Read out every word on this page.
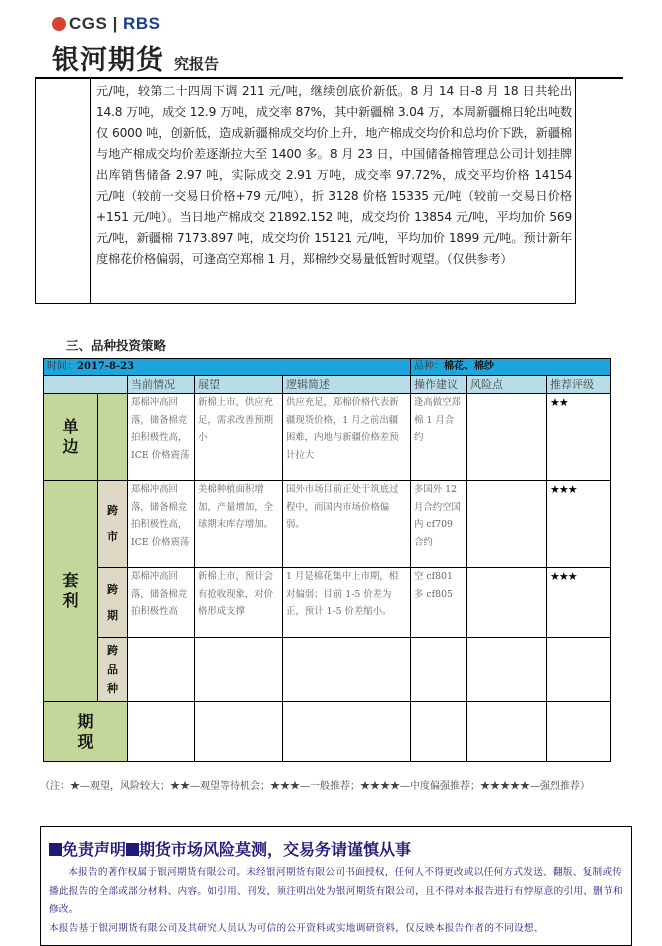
CGS | RBS
银河期货 究报告
元/吨，较第二十四周下调 211 元/吨，继续创底价新低。8 月 14 日-8 月 18 日共轮出 14.8 万吨，成交 12.9 万吨，成交率 87%，其中新疆棉 3.04 万，本周新疆棉日轮出吨数仅 6000 吨，创新低，造成新疆棉成交均价上升，地产棉成交均价和总均价下跌，新疆棉与地产棉成交均价差逐渐拉大至 1400 多。8 月 23 日，中国储备棉管理总公司计划挂牌出库销售储备 2.97 吨，实际成交 2.91 万吨，成交率 97.72%，成交平均价格 14154 元/吨（较前一交易日价格+79 元/吨），折 3128 价格 15335 元/吨（较前一交易日价格+151 元/吨）。当日地产棉成交 21892.152 吨，成交均价 13854 元/吨，平均加价 569 元/吨，新疆棉 7173.897 吨，成交均价 15121 元/吨，平均加价 1899 元/吨。预计新年度棉花价格偏弱，可逢高空郑棉 1 月，郑棉纱交易量低暂时观望。（仅供参考）
三、品种投资策略
时间：2017-8-23					品种：棉花、棉纱		
		当前情况	展望	逻辑简述	操作建议	风险点	推荐评级
单边		郑棉冲高回落，储备棉竞拍积极性高，ICE 价格震荡	新棉上市，供应充足，需求改善预期小	供应充足，郑棉价格代表新疆现货价格，1 月之前出疆困难，内地与新疆价格差预计拉大	逢高做空郑棉 1 月合约		★★
套利	跨市	郑棉冲高回落，储备棉竞拍积极性高，ICE 价格震荡	美棉种植面积增加，产量增加，全球期末库存增加。	国外市场目前正处于筑底过程中，而国内市场价格偏弱。	多国外 12 月合约空国内 cf709 合约		★★★
	跨期	郑棉冲高回落，储备棉竞拍积极性高	新棉上市，预计会有抢收现象，对价格形成支撑	1 月是棉花集中上市期，相对偏弱；目前 1-5 价差为正，预计 1-5 价差缩小。	空 cf801 多 cf805		★★★
	跨品种						
期现							
（注：★—观望，风险较大；★★—观望等待机会；★★★—一般推荐；★★★★—中度偏强推荐；★★★★★—强烈推荐）
免责声明 期货市场风险莫测，交易务请谨慎从事

本报告的著作权属于银河期货有限公司。未经银河期货有限公司书面授权，任何人不得更改或以任何方式发送、翻版、复制或传播此报告的全部或部分材料、内容。如引用、刊发，须注明出处为银河期货有限公司，且不得对本报告进行有悖原意的引用、删节和修改。

本报告基于银河期货有限公司及其研究人员认为可信的公开资料或实地调研资料，仅反映本报告作者的不同设想、
